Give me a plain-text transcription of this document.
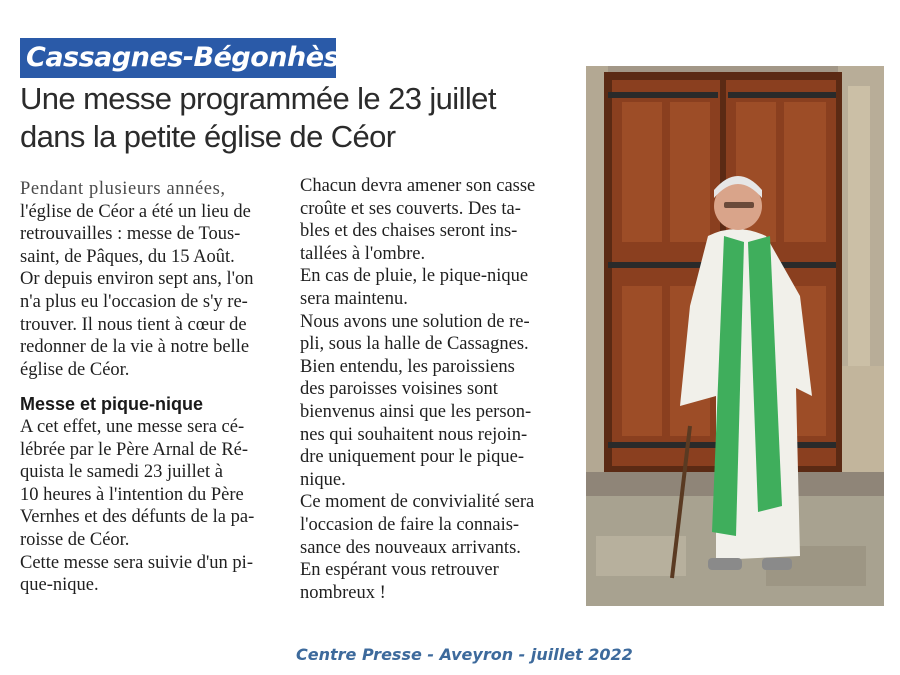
Cassagnes-Bégonhès
Une messe programmée le 23 juillet
dans la petite église de Céor
Pendant plusieurs années,
l'église de Céor a été un lieu de
retrouvailles : messe de Tous-
saint, de Pâques, du 15 Août.
Or depuis environ sept ans, l'on
n'a plus eu l'occasion de s'y re-
trouver. Il nous tient à cœur de
redonner de la vie à notre belle
église de Céor.
Messe et pique-nique
A cet effet, une messe sera cé-
lébrée par le Père Arnal de Ré-
quista le samedi 23 juillet à
10 heures à l'intention du Père
Vernhes et des défunts de la pa-
roisse de Céor.
Cette messe sera suivie d'un pi-
que-nique.
Chacun devra amener son casse
croûte et ses couverts. Des ta-
bles et des chaises seront ins-
tallées à l'ombre.
En cas de pluie, le pique-nique
sera maintenu.
Nous avons une solution de re-
pli, sous la halle de Cassagnes.
Bien entendu, les paroissiens
des paroisses voisines sont
bienvenus ainsi que les person-
nes qui souhaitent nous rejoin-
dre uniquement pour le pique-
nique.
Ce moment de convivialité sera
l'occasion de faire la connais-
sance des nouveaux arrivants.
En espérant vous retrouver
nombreux !
Centre Presse - Aveyron - juillet 2022
